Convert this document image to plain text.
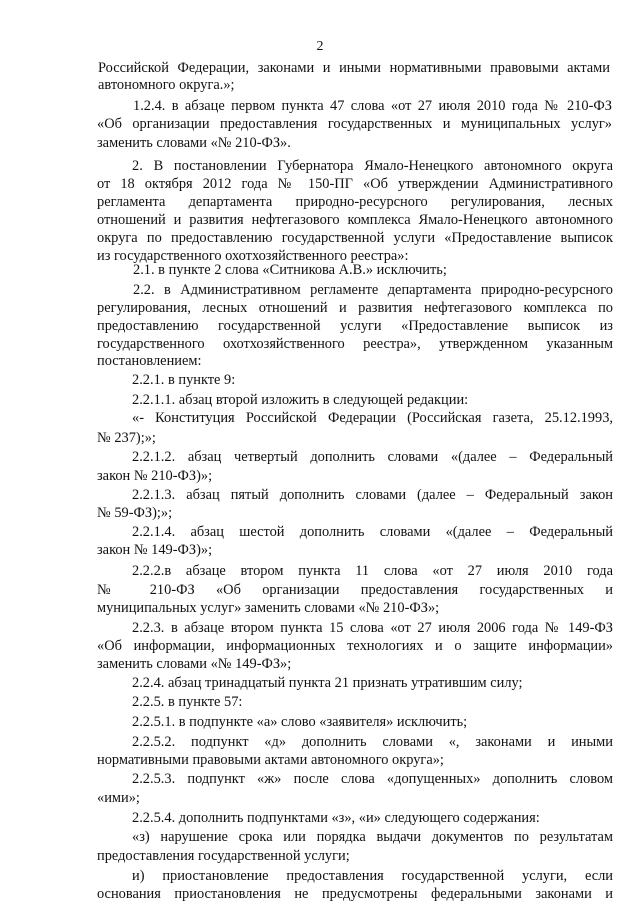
2
Российской Федерации, законами и иными нормативными правовыми актами
автономного округа.»;
1.2.4. в абзаце первом пункта 47 слова «от 27 июля 2010 года № 210-ФЗ
«Об организации предоставления государственных и муниципальных услуг»
заменить словами «№ 210-ФЗ».
2. В постановлении Губернатора Ямало-Ненецкого автономного округа
от 18 октября 2012 года № 150-ПГ «Об утверждении Административного
регламента департамента природно-ресурсного регулирования, лесных
отношений и развития нефтегазового комплекса Ямало-Ненецкого автономного
округа по предоставлению государственной услуги «Предоставление выписок
из государственного охотхозяйственного реестра»:
2.1. в пункте 2 слова «Ситникова А.В.» исключить;
2.2. в Административном регламенте департамента природно-ресурсного
регулирования, лесных отношений и развития нефтегазового комплекса по
предоставлению государственной услуги «Предоставление выписок из
государственного охотхозяйственного реестра», утвержденном указанным
постановлением:
2.2.1. в пункте 9:
2.2.1.1. абзац второй изложить в следующей редакции:
«- Конституция Российской Федерации (Российская газета, 25.12.1993,
№ 237);»;
2.2.1.2. абзац четвертый дополнить словами «(далее – Федеральный
закон № 210-ФЗ)»;
2.2.1.3. абзац пятый дополнить словами (далее – Федеральный закон
№ 59-ФЗ);»;
2.2.1.4. абзац шестой дополнить словами «(далее – Федеральный
закон № 149-ФЗ)»;
2.2.2.в абзаце втором пункта 11 слова «от 27 июля 2010 года
№ 210-ФЗ «Об организации предоставления государственных и
муниципальных услуг» заменить словами «№ 210-ФЗ»;
2.2.3. в абзаце втором пункта 15 слова «от 27 июля 2006 года № 149-ФЗ
«Об информации, информационных технологиях и о защите информации»
заменить словами «№ 149-ФЗ»;
2.2.4. абзац тринадцатый пункта 21 признать утратившим силу;
2.2.5. в пункте 57:
2.2.5.1. в подпункте «а» слово «заявителя» исключить;
2.2.5.2. подпункт «д» дополнить словами «, законами и иными
нормативными правовыми актами автономного округа»;
2.2.5.3. подпункт «ж» после слова «допущенных» дополнить словом
«ими»;
2.2.5.4. дополнить подпунктами «з», «и» следующего содержания:
«з) нарушение срока или порядка выдачи документов по результатам
предоставления государственной услуги;
и) приостановление предоставления государственной услуги, если
основания приостановления не предусмотрены федеральными законами и
